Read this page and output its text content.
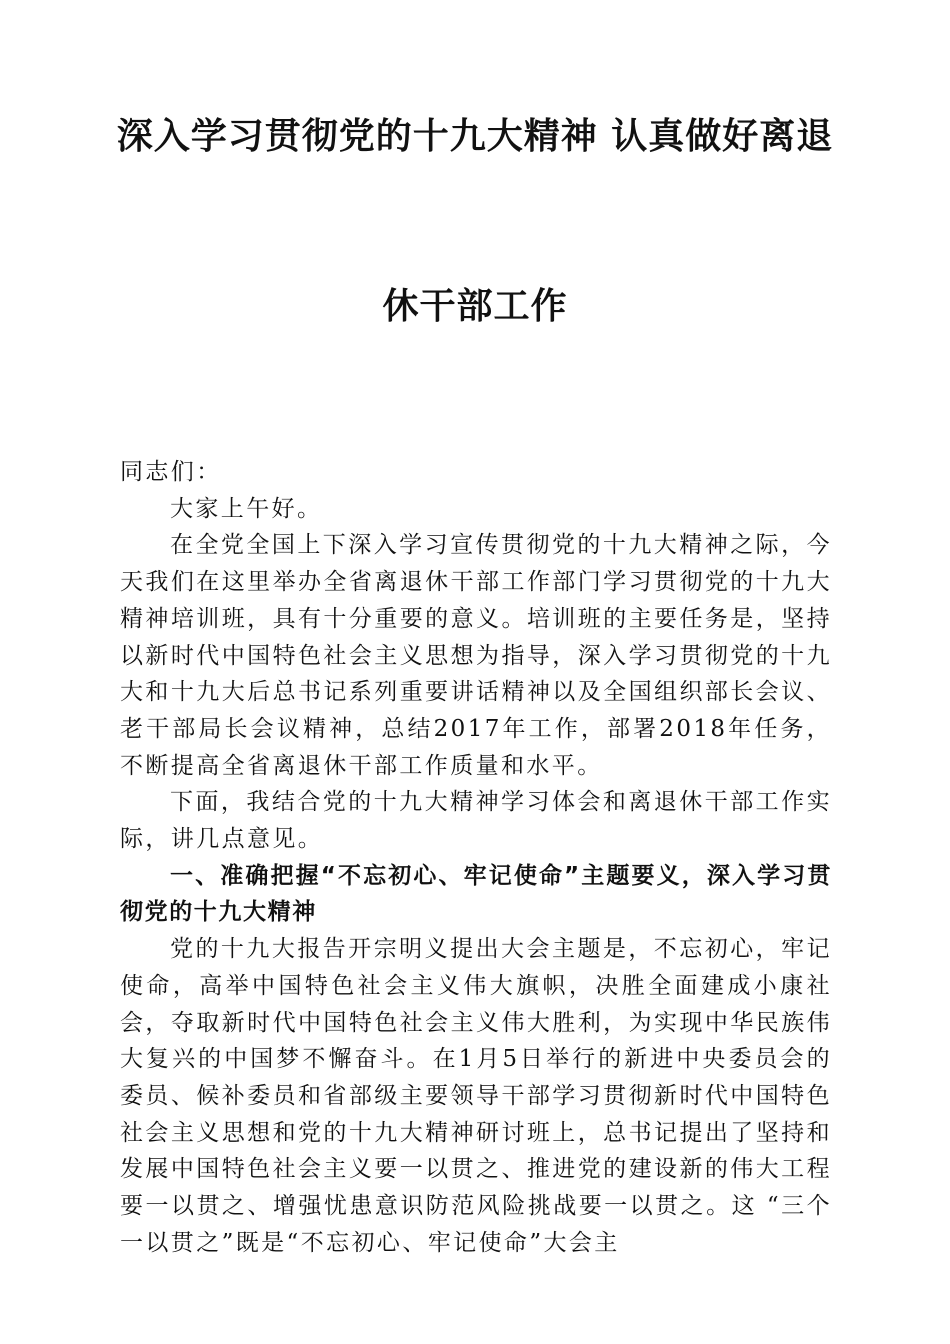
深入学习贯彻党的十九大精神 认真做好离退
休干部工作

同志们：

大家上午好。

在全党全国上下深入学习宣传贯彻党的十九大精神之际，今天我们在这里举办全省离退休干部工作部门学习贯彻党的十九大精神培训班，具有十分重要的意义。培训班的主要任务是，坚持以新时代中国特色社会主义思想为指导，深入学习贯彻党的十九大和十九大后总书记系列重要讲话精神以及全国组织部长会议、老干部局长会议精神，总结2017年工作，部署2018年任务，不断提高全省离退休干部工作质量和水平。

下面，我结合党的十九大精神学习体会和离退休干部工作实际，讲几点意见。

一、准确把握“不忘初心、牢记使命”主题要义，深入学习贯彻党的十九大精神

党的十九大报告开宗明义提出大会主题是，不忘初心，牢记使命，高举中国特色社会主义伟大旗帜，决胜全面建成小康社会，夺取新时代中国特色社会主义伟大胜利，为实现中华民族伟大复兴的中国梦不懈奋斗。在1月5日举行的新进中央委员会的委员、候补委员和省部级主要领导干部学习贯彻新时代中国特色社会主义思想和党的十九大精神研讨班上，总书记提出了坚持和发展中国特色社会主义要一以贯之、推进党的建设新的伟大工程要一以贯之、增强忧患意识防范风险挑战要一以贯之。这 “三个一以贯之”既是“不忘初心、牢记使命”大会主
